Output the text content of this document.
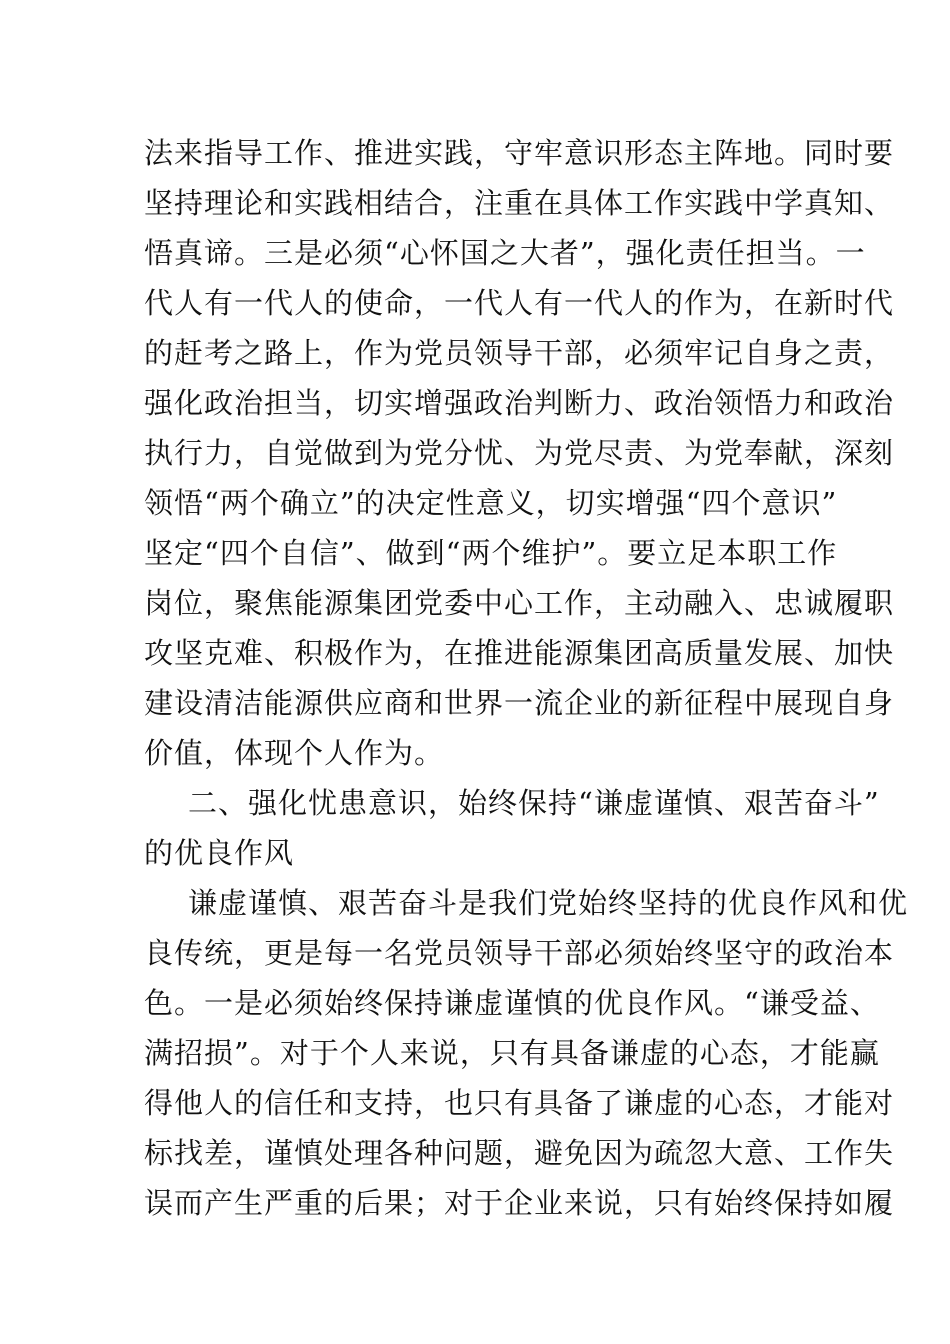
法来指导工作、推进实践，守牢意识形态主阵地。同时要
坚持理论和实践相结合，注重在具体工作实践中学真知、
悟真谛。三是必须“心怀国之大者”，强化责任担当。一
代人有一代人的使命，一代人有一代人的作为，在新时代
的赶考之路上，作为党员领导干部，必须牢记自身之责，
强化政治担当，切实增强政治判断力、政治领悟力和政治
执行力，自觉做到为党分忧、为党尽责、为党奉献，深刻
领悟“两个确立”的决定性意义，切实增强“四个意识”
坚定“四个自信”、做到“两个维护”。要立足本职工作
岗位，聚焦能源集团党委中心工作，主动融入、忠诚履职
攻坚克难、积极作为，在推进能源集团高质量发展、加快
建设清洁能源供应商和世界一流企业的新征程中展现自身
价值，体现个人作为。
二、强化忧患意识，始终保持“谦虚谨慎、艰苦奋斗”
的优良作风
谦虚谨慎、艰苦奋斗是我们党始终坚持的优良作风和优
良传统，更是每一名党员领导干部必须始终坚守的政治本
色。一是必须始终保持谦虚谨慎的优良作风。“谦受益、
满招损”。对于个人来说，只有具备谦虚的心态，才能赢
得他人的信任和支持，也只有具备了谦虚的心态，才能对
标找差，谨慎处理各种问题，避免因为疏忽大意、工作失
误而产生严重的后果；对于企业来说，只有始终保持如履
